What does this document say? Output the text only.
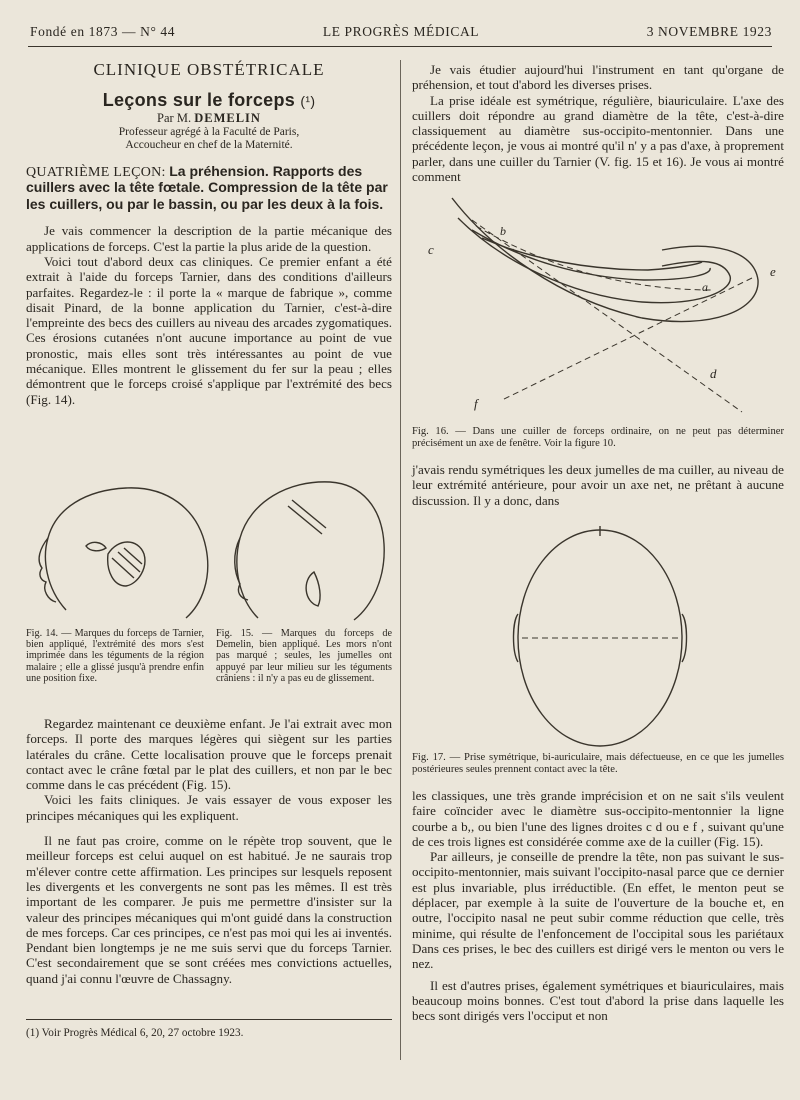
Fondé en 1873 — N° 44	LE PROGRÈS MÉDICAL	3 NOVEMBRE 1923
CLINIQUE OBSTÉTRICALE
Leçons sur le forceps (¹)
Par M. DEMELIN
Professeur agrégé à la Faculté de Paris,
Accoucheur en chef de la Maternité.
QUATRIÈME LEÇON: La préhension. Rapports des cuillers avec la tête fœtale. Compression de la tête par les cuillers, ou par le bassin, ou par les deux à la fois.

Je vais commencer la description de la partie mécanique des applications de forceps. C'est la partie la plus aride de la question.

Voici tout d'abord deux cas cliniques. Ce premier enfant a été extrait à l'aide du forceps Tarnier, dans des conditions d'ailleurs parfaites. Regardez-le : il porte la « marque de fabrique », comme disait Pinard, de la bonne application du Tarnier, c'est-à-dire l'empreinte des becs des cuillers au niveau des arcades zygomatiques. Ces érosions cutanées n'ont aucune importance au point de vue pronostic, mais elles sont très intéressantes au point de vue mécanique. Elles montrent le glissement du fer sur la peau ; elles démontrent que le forceps croisé s'applique par l'extrémité des becs (Fig. 14).

Fig. 14. — Marques du forceps de Tarnier, bien appliqué, l'extrémité des mors s'est imprimée dans les téguments de la région malaire ; elle a glissé jusqu'à prendre enfin une position fixe.
Fig. 15. — Marques du forceps de Demelin, bien appliqué. Les mors n'ont pas marqué ; seules, les jumelles ont appuyé par leur milieu sur les téguments crâniens : il n'y a pas eu de glissement.

Regardez maintenant ce deuxième enfant. Je l'ai extrait avec mon forceps. Il porte des marques légères qui siègent sur les parties latérales du crâne. Cette localisation prouve que le forceps prenait contact avec le crâne fœtal par le plat des cuillers, et non par le bec comme dans le cas précédent (Fig. 15).

Voici les faits cliniques. Je vais essayer de vous exposer les principes mécaniques qui les expliquent.

Il ne faut pas croire, comme on le répète trop souvent, que le meilleur forceps est celui auquel on est habitué. Je ne saurais trop m'élever contre cette affirmation. Les principes sur lesquels reposent les divergents et les convergents ne sont pas les mêmes. Il est très important de les comparer. Je puis me permettre d'insister sur la valeur des principes mécaniques qui m'ont guidé dans la construction de mes forceps. Car ces principes, ce n'est pas moi qui les ai inventés. Pendant bien longtemps je ne me suis servi que du forceps Tarnier. C'est secondairement que se sont créées mes convictions actuelles, quand j'ai connu l'œuvre de Chassagny.

(1) Voir Progrès Médical 6, 20, 27 octobre 1923.

Je vais étudier aujourd'hui l'instrument en tant qu'organe de préhension, et tout d'abord les diverses prises.

La prise idéale est symétrique, régulière, biauriculaire. L'axe des cuillers doit répondre au grand diamètre de la tête, c'est-à-dire classiquement au diamètre sus-occipito-mentonnier. Dans une précédente leçon, je vous ai montré qu'il n' y a pas d'axe, à proprement parler, dans une cuiller du Tarnier (V. fig. 15 et 16). Je vous ai montré comment

c
b
a
e
d
f
Fig. 16. — Dans une cuiller de forceps ordinaire, on ne peut pas déterminer précisément un axe de fenêtre. Voir la figure 10.

j'avais rendu symétriques les deux jumelles de ma cuiller, au niveau de leur extrémité antérieure, pour avoir un axe net, ne prêtant à aucune discussion. Il y a donc, dans

Fig. 17. — Prise symétrique, bi-auriculaire, mais défectueuse, en ce que les jumelles postérieures seules prennent contact avec la tête.

les classiques, une très grande imprécision et on ne sait s'ils veulent faire coïncider avec le diamètre sus-occipito-mentonnier la ligne courbe a b,, ou bien l'une des lignes droites c d ou e f , suivant qu'une de ces trois lignes est considérée comme axe de la cuiller (Fig. 15).

Par ailleurs, je conseille de prendre la tête, non pas suivant le sus-occipito-mentonnier, mais suivant l'occipito-nasal parce que ce dernier est plus invariable, plus irréductible. (En effet, le menton peut se déplacer, par exemple à la suite de l'ouverture de la bouche et, en outre, l'occipito nasal ne peut subir comme réduction que celle, très minime, qui résulte de l'enfoncement de l'occipital sous les pariétaux Dans ces prises, le bec des cuillers est dirigé vers le menton ou vers le nez.

Il est d'autres prises, également symétriques et biauriculaires, mais beaucoup moins bonnes. C'est tout d'abord la prise dans laquelle les becs sont dirigés vers l'occiput et non
